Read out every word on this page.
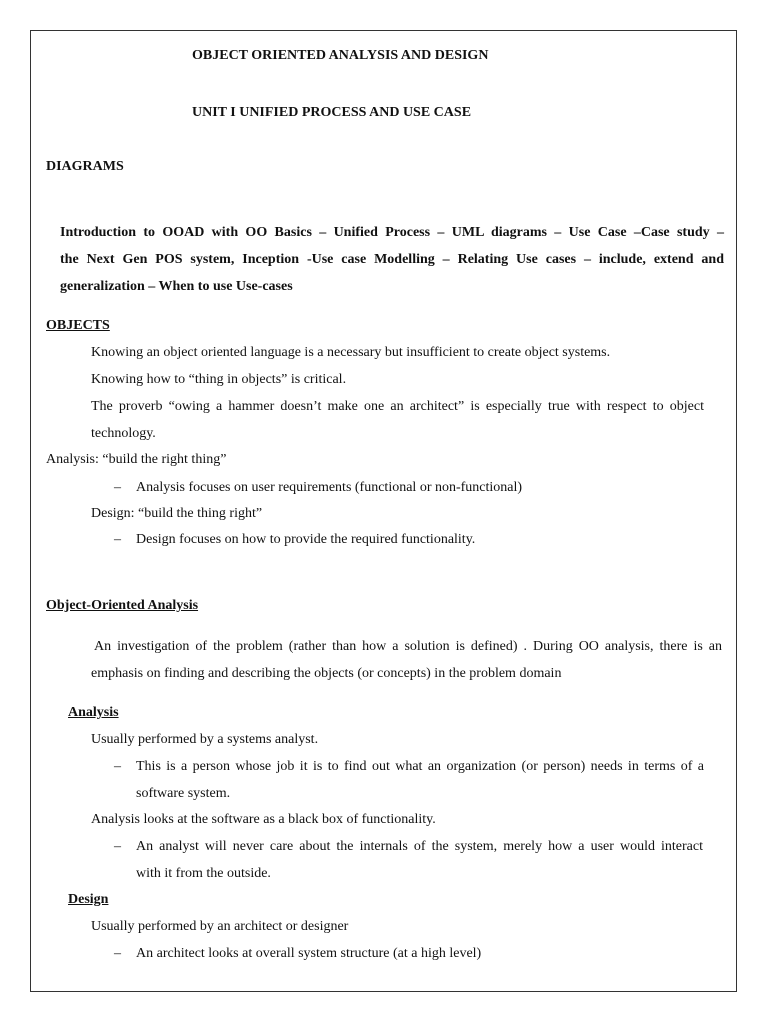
OBJECT ORIENTED ANALYSIS AND DESIGN
UNIT I UNIFIED PROCESS AND USE CASE
DIAGRAMS
Introduction to OOAD with OO Basics – Unified Process – UML diagrams – Use Case –Case study –
the Next Gen POS system, Inception -Use case Modelling – Relating Use cases – include, extend and
generalization – When to use Use-cases
OBJECTS
Knowing an object oriented language is a necessary but insufficient to create object systems.
Knowing how to “thing in objects” is critical.
The proverb “owing a hammer doesn’t make one an architect” is especially true with respect to object
technology.
Analysis: “build the right thing”
– Analysis focuses on user requirements (functional or non-functional)
Design: “build the thing right”
– Design focuses on how to provide the required functionality.
Object-Oriented Analysis
An investigation of the problem (rather than how a solution is defined) . During OO analysis, there is an
emphasis on finding and describing the objects (or concepts) in the problem domain
Analysis
Usually performed by a systems analyst.
– This is a person whose job it is to find out what an organization (or person) needs in terms of a
software system.
Analysis looks at the software as a black box of functionality.
– An analyst will never care about the internals of the system, merely how a user would interact
with it from the outside.
Design
Usually performed by an architect or designer
– An architect looks at overall system structure (at a high level)
